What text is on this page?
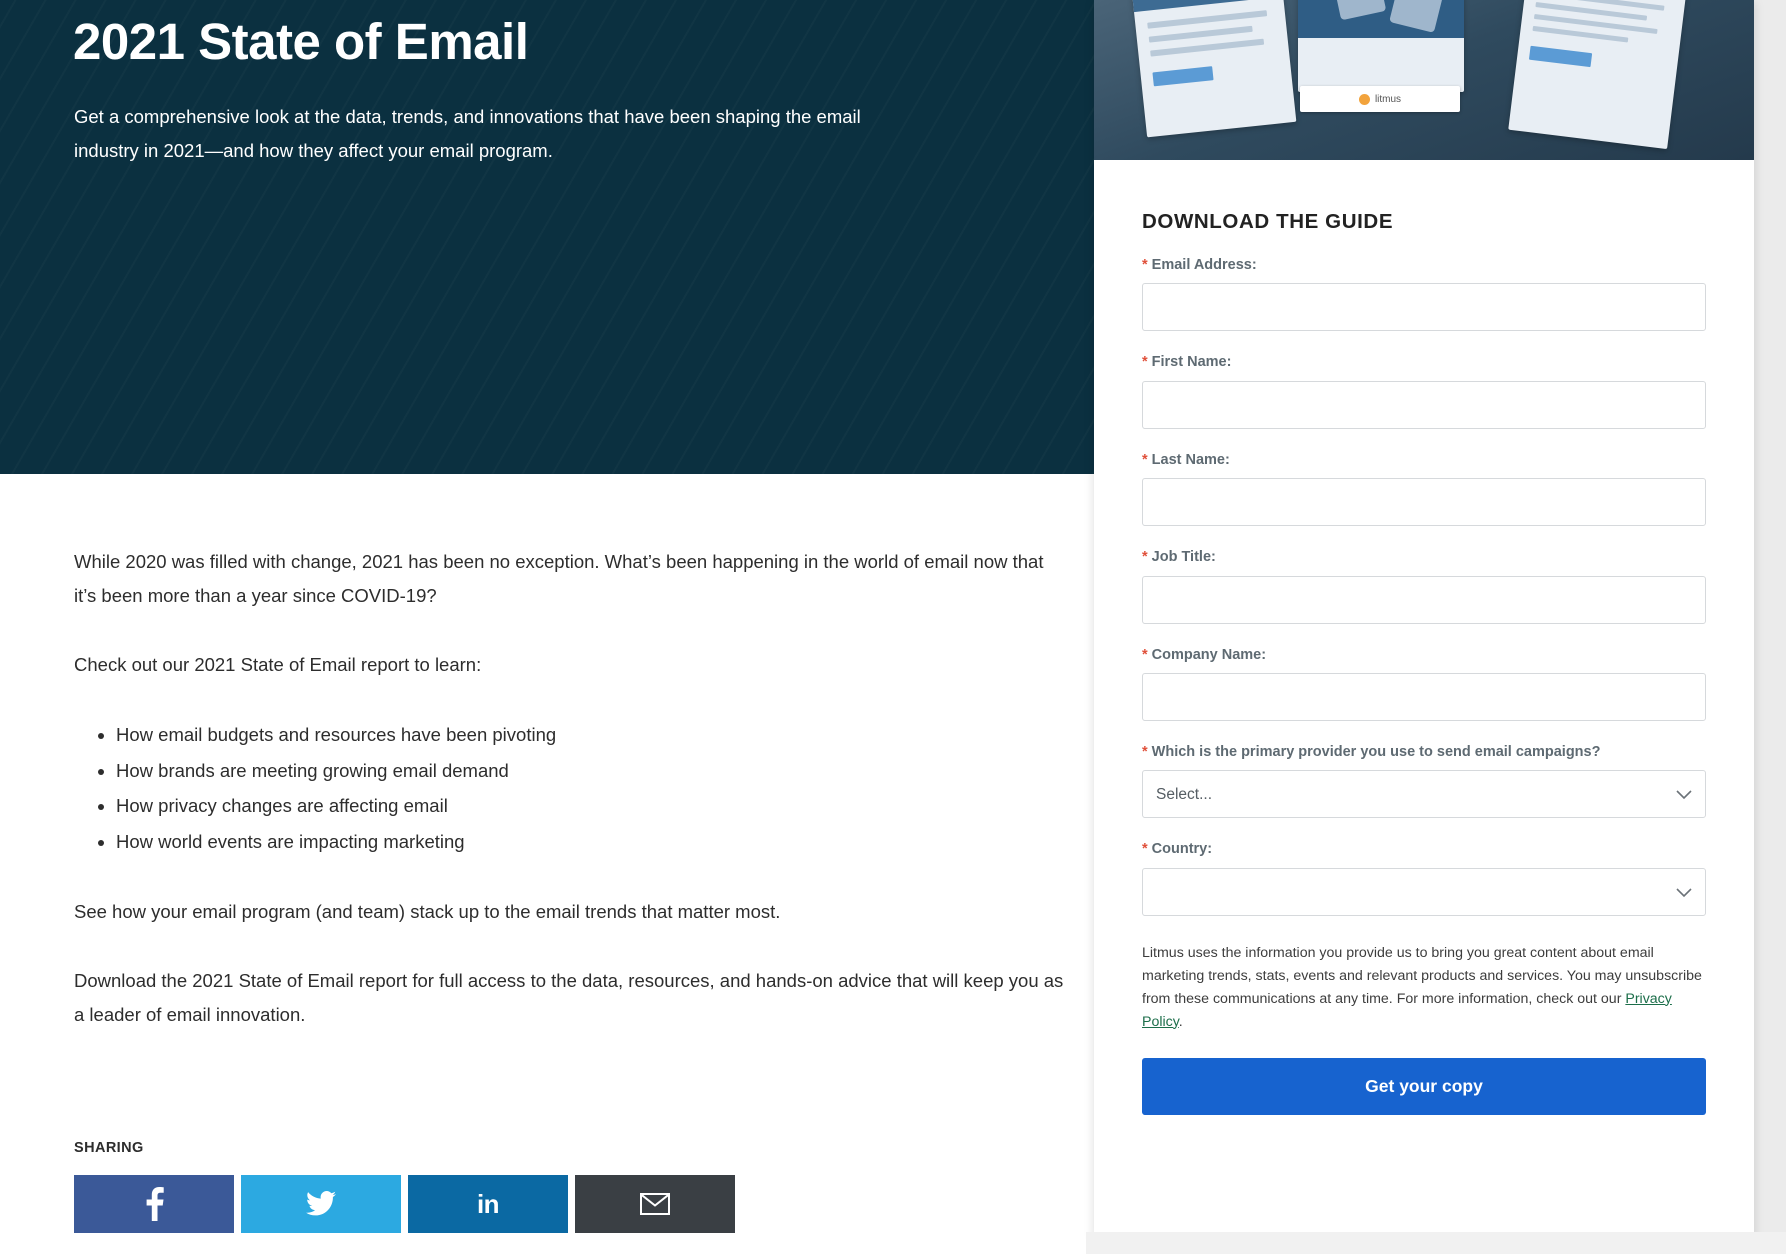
2021 State of Email
Get a comprehensive look at the data, trends, and innovations that have been shaping the email industry in 2021—and how they affect your email program.

While 2020 was filled with change, 2021 has been no exception. What’s been happening in the world of email now that it’s been more than a year since COVID-19?

Check out our 2021 State of Email report to learn:

• How email budgets and resources have been pivoting
• How brands are meeting growing email demand
• How privacy changes are affecting email
• How world events are impacting marketing

See how your email program (and team) stack up to the email trends that matter most.

Download the 2021 State of Email report for full access to the data, resources, and hands-on advice that will keep you as a leader of email innovation.

SHARING
in
litmus
DOWNLOAD THE GUIDE
* Email Address:
* First Name:
* Last Name:
* Job Title:
* Company Name:
* Which is the primary provider you use to send email campaigns?
Select...
* Country:
Litmus uses the information you provide us to bring you great content about email marketing trends, stats, events and relevant products and services. You may unsubscribe from these communications at any time. For more information, check out our Privacy Policy.
Get your copy
